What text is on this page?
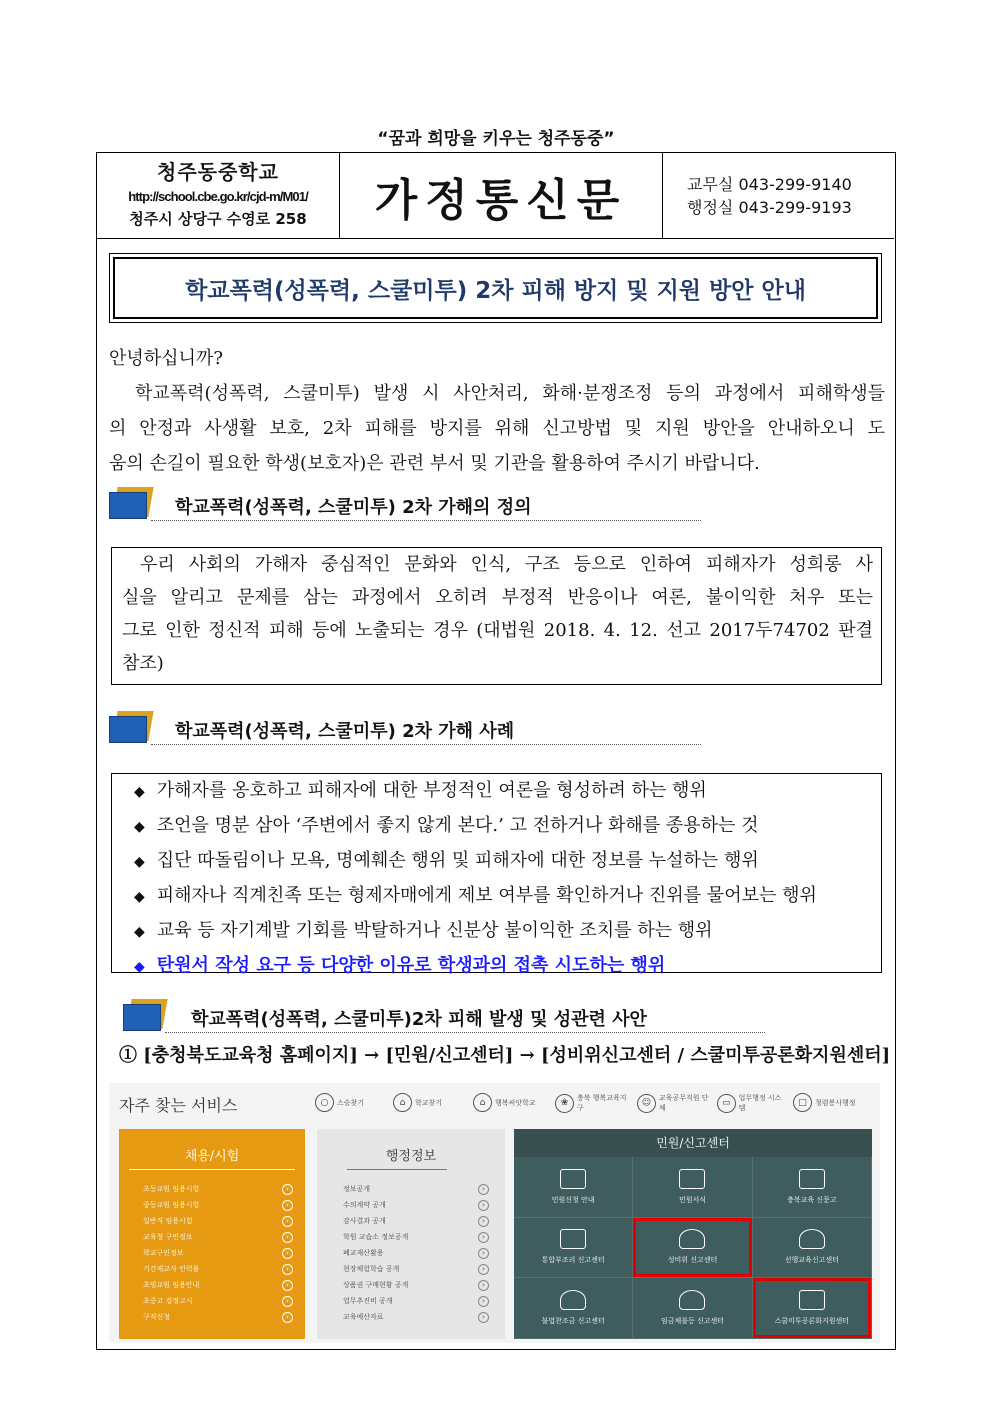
“꿈과 희망을 키우는 청주동중”
청주동중학교
http://school.cbe.go.kr/cjd-m/M01/
청주시 상당구 수영로 258	가정통신문	교무실 043-299-9140
행정실 043-299-9193
학교폭력(성폭력, 스쿨미투) 2차 피해 방지 및 지원 방안 안내

안녕하십니까?

학교폭력(성폭력, 스쿨미투) 발생 시 사안처리, 화해·분쟁조정 등의 과정에서 피해학생들

의 안정과 사생활 보호, 2차 피해를 방지를 위해 신고방법 및 지원 방안을 안내하오니 도

움의 손길이 필요한 학생(보호자)은 관련 부서 및 기관을 활용하여 주시기 바랍니다.

학교폭력(성폭력, 스쿨미투) 2차 가해의 정의

우리 사회의 가해자 중심적인 문화와 인식, 구조 등으로 인하여 피해자가 성희롱 사

실을 알리고 문제를 삼는 과정에서 오히려 부정적 반응이나 여론, 불이익한 처우 또는

그로 인한 정신적 피해 등에 노출되는 경우 (대법원 2018. 4. 12. 선고 2017두74702 판결

참조)

학교폭력(성폭력, 스쿨미투) 2차 가해 사례
◆ 가해자를 옹호하고 피해자에 대한 부정적인 여론을 형성하려 하는 행위
◆ 조언을 명분 삼아 ‘주변에서 좋지 않게 본다.’ 고 전하거나 화해를 종용하는 것
◆ 집단 따돌림이나 모욕, 명예훼손 행위 및 피해자에 대한 정보를 누설하는 행위
◆ 피해자나 직계친족 또는 형제자매에게 제보 여부를 확인하거나 진위를 물어보는 행위
◆ 교육 등 자기계발 기회를 박탈하거나 신분상 불이익한 조치를 하는 행위
◆ 탄원서 작성 요구 등 다양한 이유로 학생과의 접촉 시도하는 행위
학교폭력(성폭력, 스쿨미투)2차 피해 발생 및 성관련 사안
① [충청북도교육청 홈페이지] → [민원/신고센터] → [성비위신고센터 / 스쿨미투공론화지원센터]
자주 찾는 서비스	○	스승찾기	⌂	학교찾기	⌂	행복씨앗학교	❀	충북 행복교육지구	☺	교육공무직원 단체	▭	업무행정 시스템
□	청렴봉사행정
채용/시험
초등교원 임용시험 ›
중등교원 임용시험 ›
일반직 임용시험 ›
교육청 구인정보 ›
학교구인정보 ›
기간제교사 인력풀 ›
초빙교원 임용안내 ›
초중고 검정고시 ›
구직신청 ›
행정정보
정보공개 ›
수의계약 공개 ›
감사결과 공개 ›
학원 교습소 정보공개 ›
폐교재산활용 ›
현장체험학습 공개 ›
상품권 구매현황 공개 ›
업무추진비 공개 ›
교육예산자료 ›
민원/신고센터
민원신청 안내	민원서식	충북교육 신문고
통합부조리 신고센터	성비위 신고센터	선행교육신고센터
불법찬조금 신고센터	임금체불등 신고센터	스쿨미투공론화지원센터
